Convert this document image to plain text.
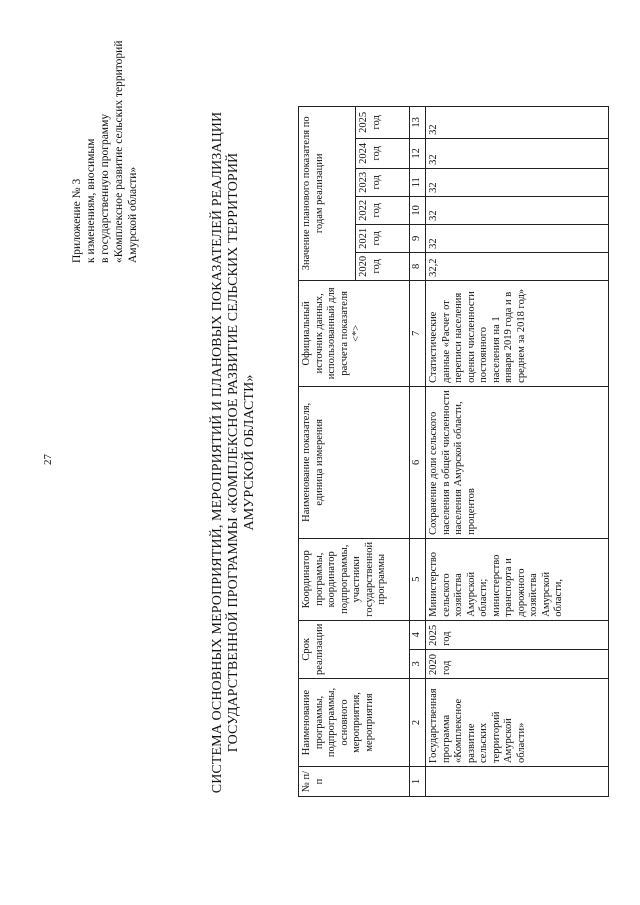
27
Приложение № 3 к изменениям, вносимым в государственную программу «Комплексное развитие сельских территорий Амурской области»	СИСТЕМА ОСНОВНЫХ МЕРОПРИЯТИЙ, МЕРОПРИЯТИЙ И ПЛАНОВЫХ ПОКАЗАТЕЛЕЙ РЕАЛИЗАЦИИ ГОСУДАРСТВЕННОЙ ПРОГРАММЫ «КОМПЛЕКСНОЕ РАЗВИТИЕ СЕЛЬСКИХ ТЕРРИТОРИЙ АМУРСКОЙ ОБЛАСТИ»
№ п/п	Наименование программы, подпрограммы, основного мероприятия, мероприятия	Срок реализации		Координатор программы, координатор подпрограммы, участники государственной программы	Наименование показателя, единица измерения	Официальный источник данных, использованный для расчета показателя <*>	Значение планового показателя по годам реализации					
							2020 год	2021 год	2022 год	2023 год	2024 год	2025 год
1	2	3	4	5	6	7	8	9	10	11	12	13
	Государственная программа «Комплексное развитие сельских территорий Амурской области»	2020 год	2025 год	Министерство сельского хозяйства Амурской области; министерство транспорта и дорожного хозяйства Амурской области,	Сохранение доли сельского населения в общей численности населения Амурской области, процентов	Статистические данные «Расчет от переписи населения оценки численности постоянного населения на 1 января 2019 года и в среднем за 2018 год»	32,2	32	32	32	32	32
